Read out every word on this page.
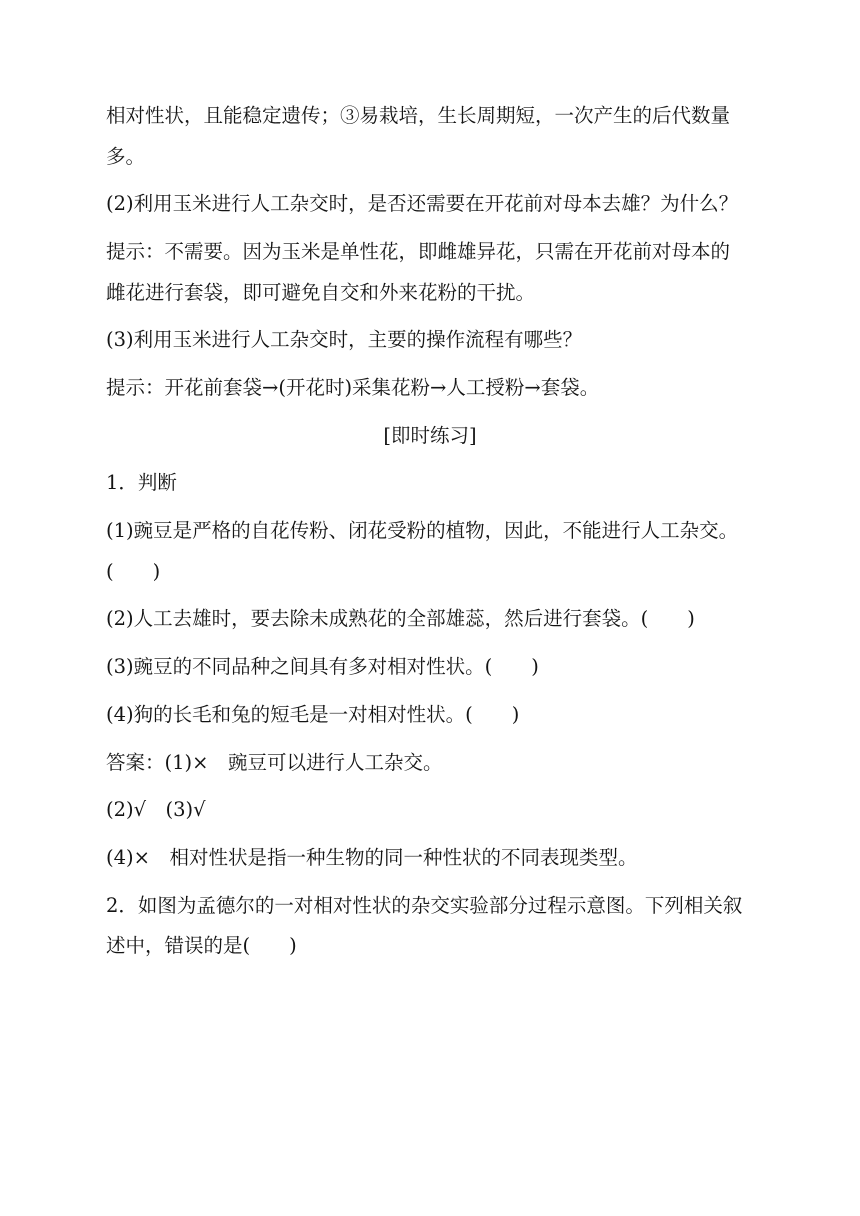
相对性状，且能稳定遗传；③易栽培，生长周期短，一次产生的后代数量

多。

(2)利用玉米进行人工杂交时，是否还需要在开花前对母本去雄？为什么？

提示：不需要。因为玉米是单性花，即雌雄异花，只需在开花前对母本的

雌花进行套袋，即可避免自交和外来花粉的干扰。

(3)利用玉米进行人工杂交时，主要的操作流程有哪些？

提示：开花前套袋→(开花时)采集花粉→人工授粉→套袋。

[即时练习]

1．判断

(1)豌豆是严格的自花传粉、闭花受粉的植物，因此，不能进行人工杂交。

(　　)

(2)人工去雄时，要去除未成熟花的全部雄蕊，然后进行套袋。(　　)

(3)豌豆的不同品种之间具有多对相对性状。(　　)

(4)狗的长毛和兔的短毛是一对相对性状。(　　)

答案：(1)×　豌豆可以进行人工杂交。

(2)√　(3)√

(4)×　相对性状是指一种生物的同一种性状的不同表现类型。

2．如图为孟德尔的一对相对性状的杂交实验部分过程示意图。下列相关叙

述中，错误的是(　　)
